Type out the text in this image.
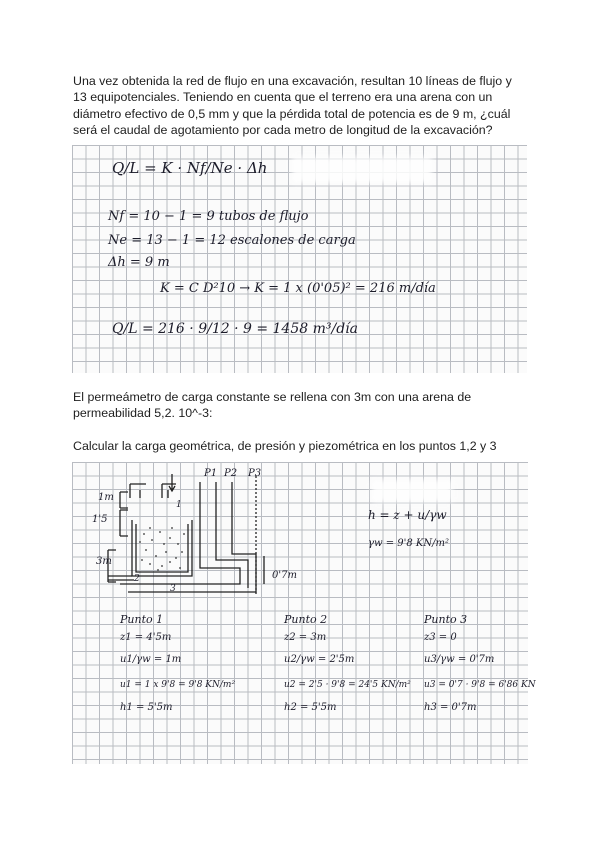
Una vez obtenida la red de flujo en una excavación, resultan 10 líneas de flujo y 13 equipotenciales. Teniendo en cuenta que el terreno era una arena con un diámetro efectivo de 0,5 mm y que la pérdida total de potencia es de 9 m, ¿cuál será el caudal de agotamiento por cada metro de longitud de la excavación?
Q/L = K · Nf/Ne · Δh
Nf = 10 − 1 = 9 tubos de flujo
Ne = 13 − 1 = 12 escalones de carga
Δh = 9 m
K = C D²10 → K = 1 x (0'05)² = 216 m/día
Q/L = 216 · 9/12 · 9 = 1458 m³/día
El permeámetro de carga constante se rellena con 3m con una arena de permeabilidad 5,2. 10^-3:
Calcular la carga geométrica, de presión y piezométrica en los puntos 1,2 y 3
P1 P2 P3
1m
1'5
3m
0'7m
1
2
3
h = z + u/γw
γw = 9'8 KN/m²
Punto 1
z1 = 4'5m
u1/γw = 1m
u1 = 1 x 9'8 = 9'8 KN/m²
h1 = 5'5m
Punto 2
z2 = 3m
u2/γw = 2'5m
u2 = 2'5 · 9'8 = 24'5 KN/m²
h2 = 5'5m
Punto 3
z3 = 0
u3/γw = 0'7m
u3 = 0'7 · 9'8 = 6'86 KN
h3 = 0'7m
